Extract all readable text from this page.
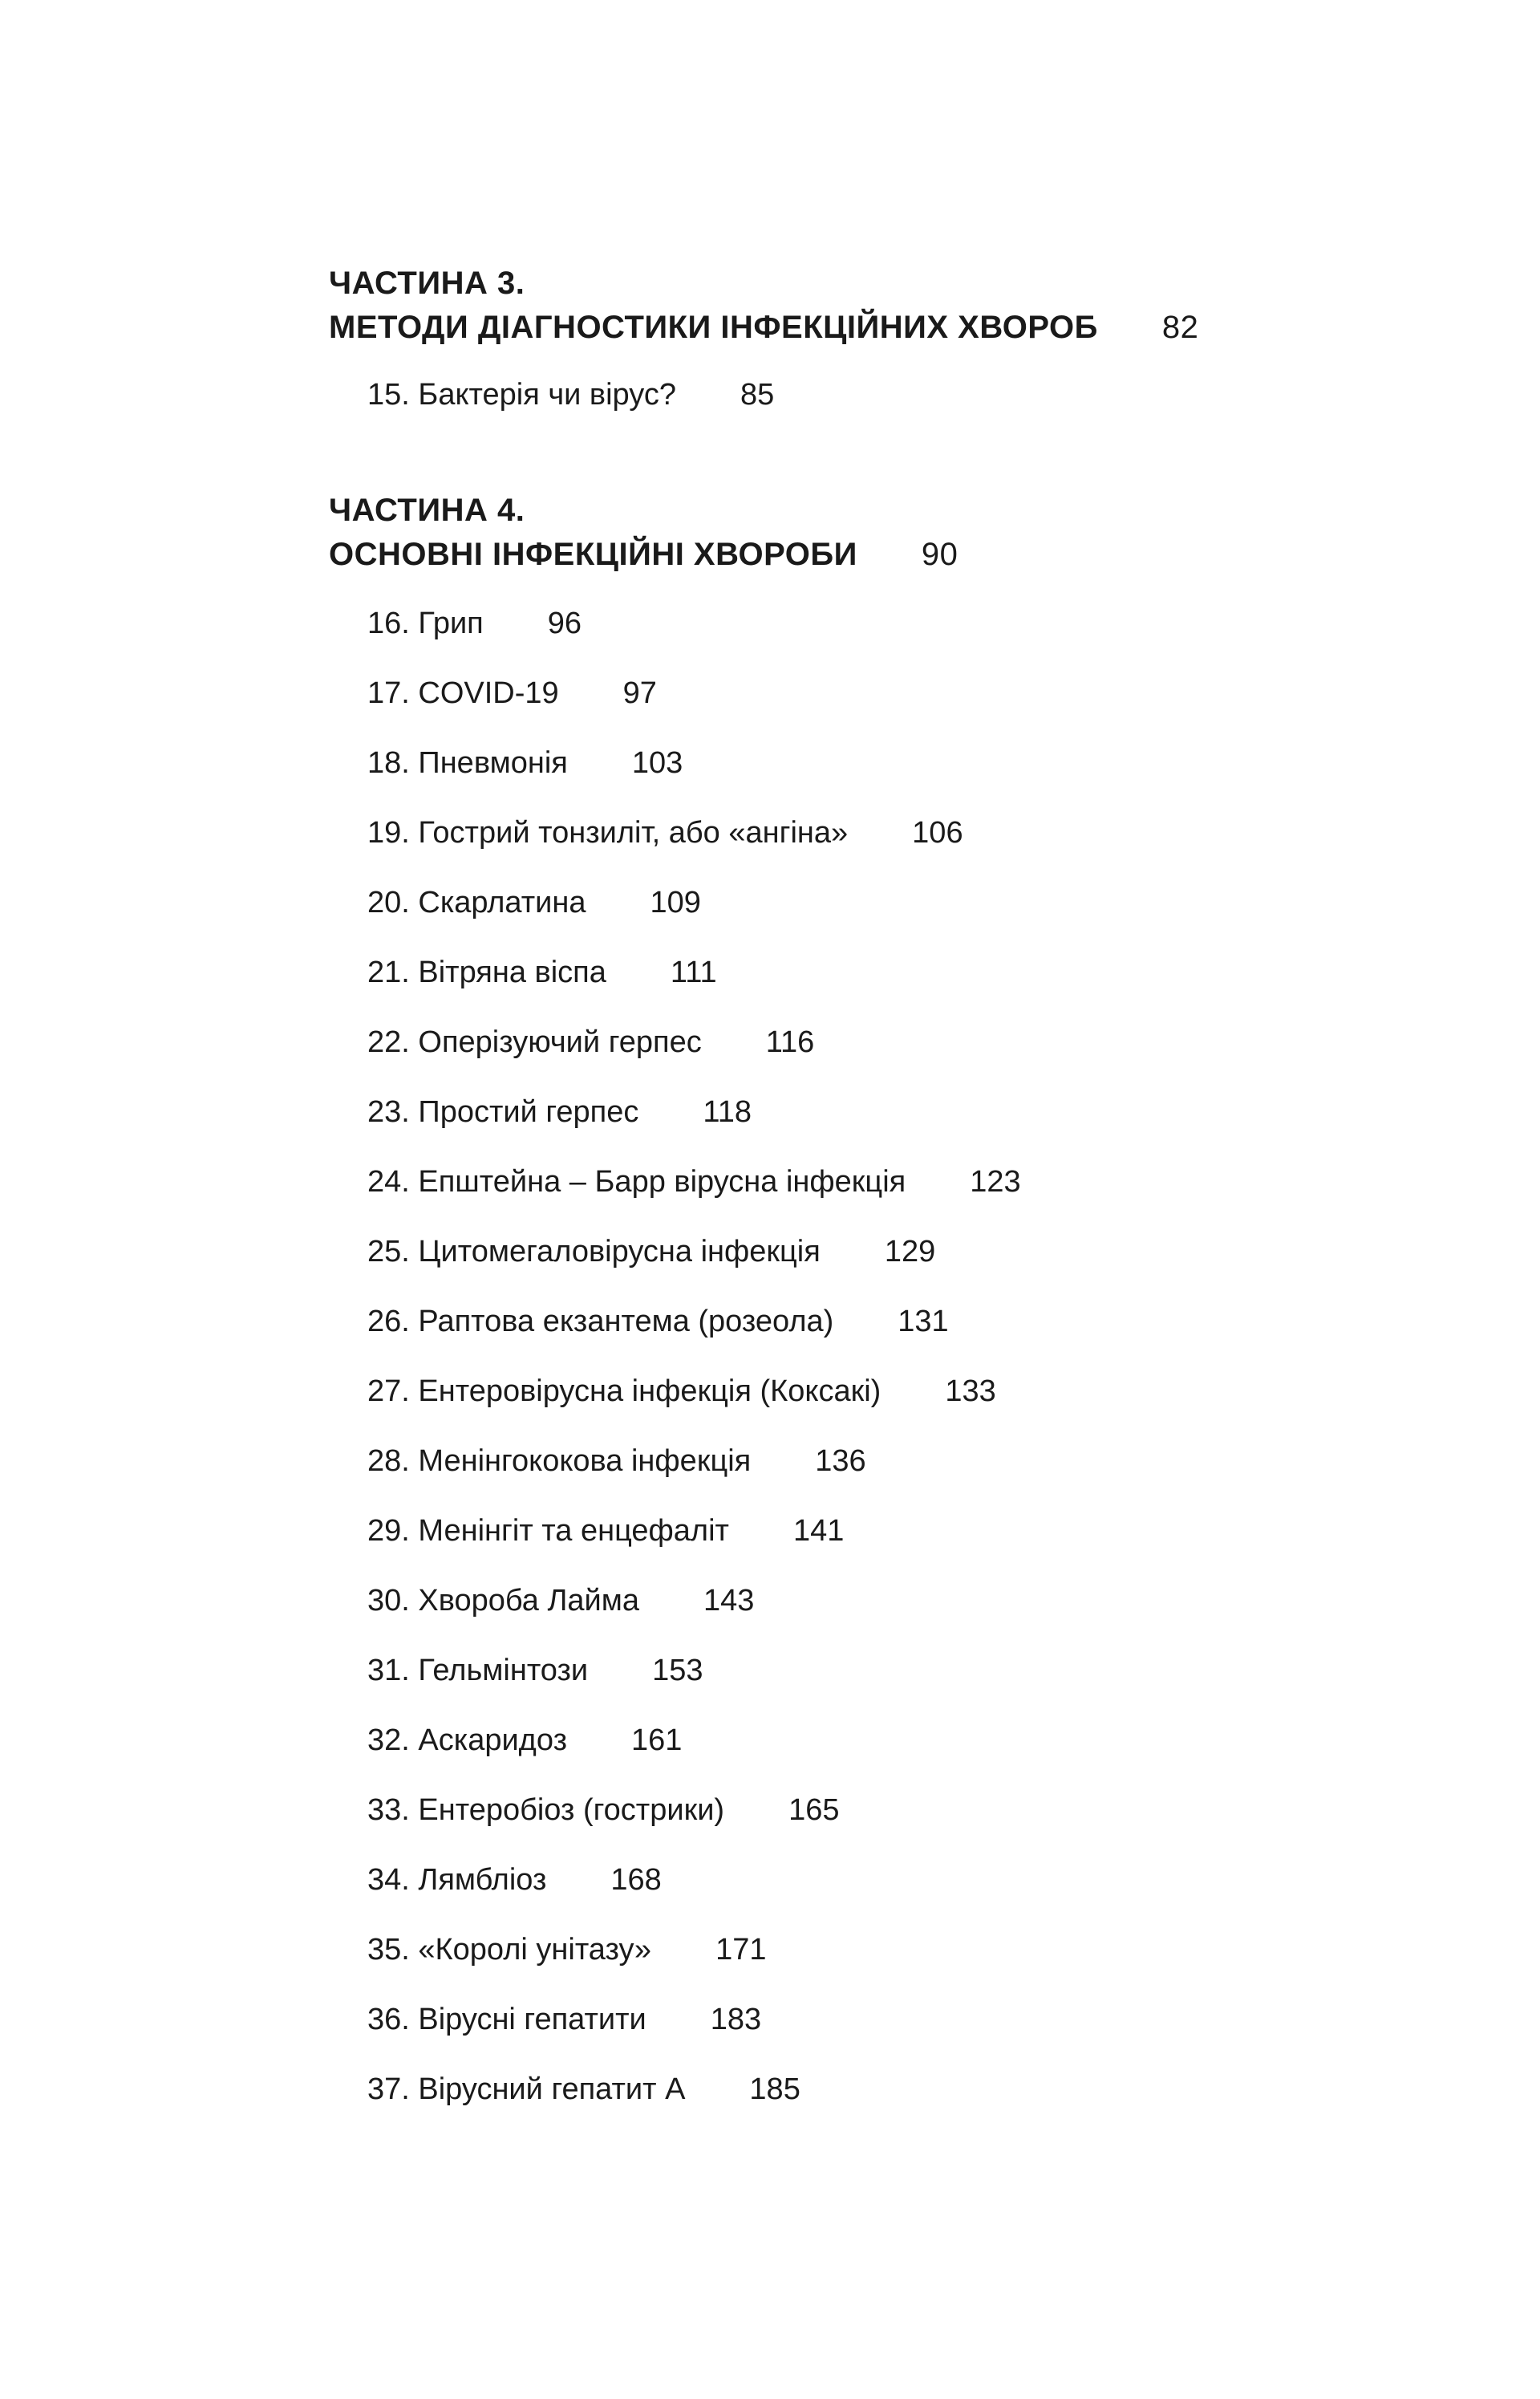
ЧАСТИНА 3.
МЕТОДИ ДІАГНОСТИКИ ІНФЕКЦІЙНИХ ХВОРОБ 82
15. Бактерія чи вірус? 85
ЧАСТИНА 4.
ОСНОВНІ ІНФЕКЦІЙНІ ХВОРОБИ 90
16. Грип 96
17. COVID-19 97
18. Пневмонія 103
19. Гострий тонзиліт, або «ангіна» 106
20. Скарлатина 109
21. Вітряна віспа 111
22. Оперізуючий герпес 116
23. Простий герпес 118
24. Епштейна – Барр вірусна інфекція 123
25. Цитомегаловірусна інфекція 129
26. Раптова екзантема (розеола) 131
27. Ентеровірусна інфекція (Коксакі) 133
28. Менінгококова інфекція 136
29. Менінгіт та енцефаліт 141
30. Хвороба Лайма 143
31. Гельмінтози 153
32. Аскаридоз 161
33. Ентеробіоз (гострики) 165
34. Лямбліоз 168
35. «Королі унітазу» 171
36. Вірусні гепатити 183
37. Вірусний гепатит А 185
